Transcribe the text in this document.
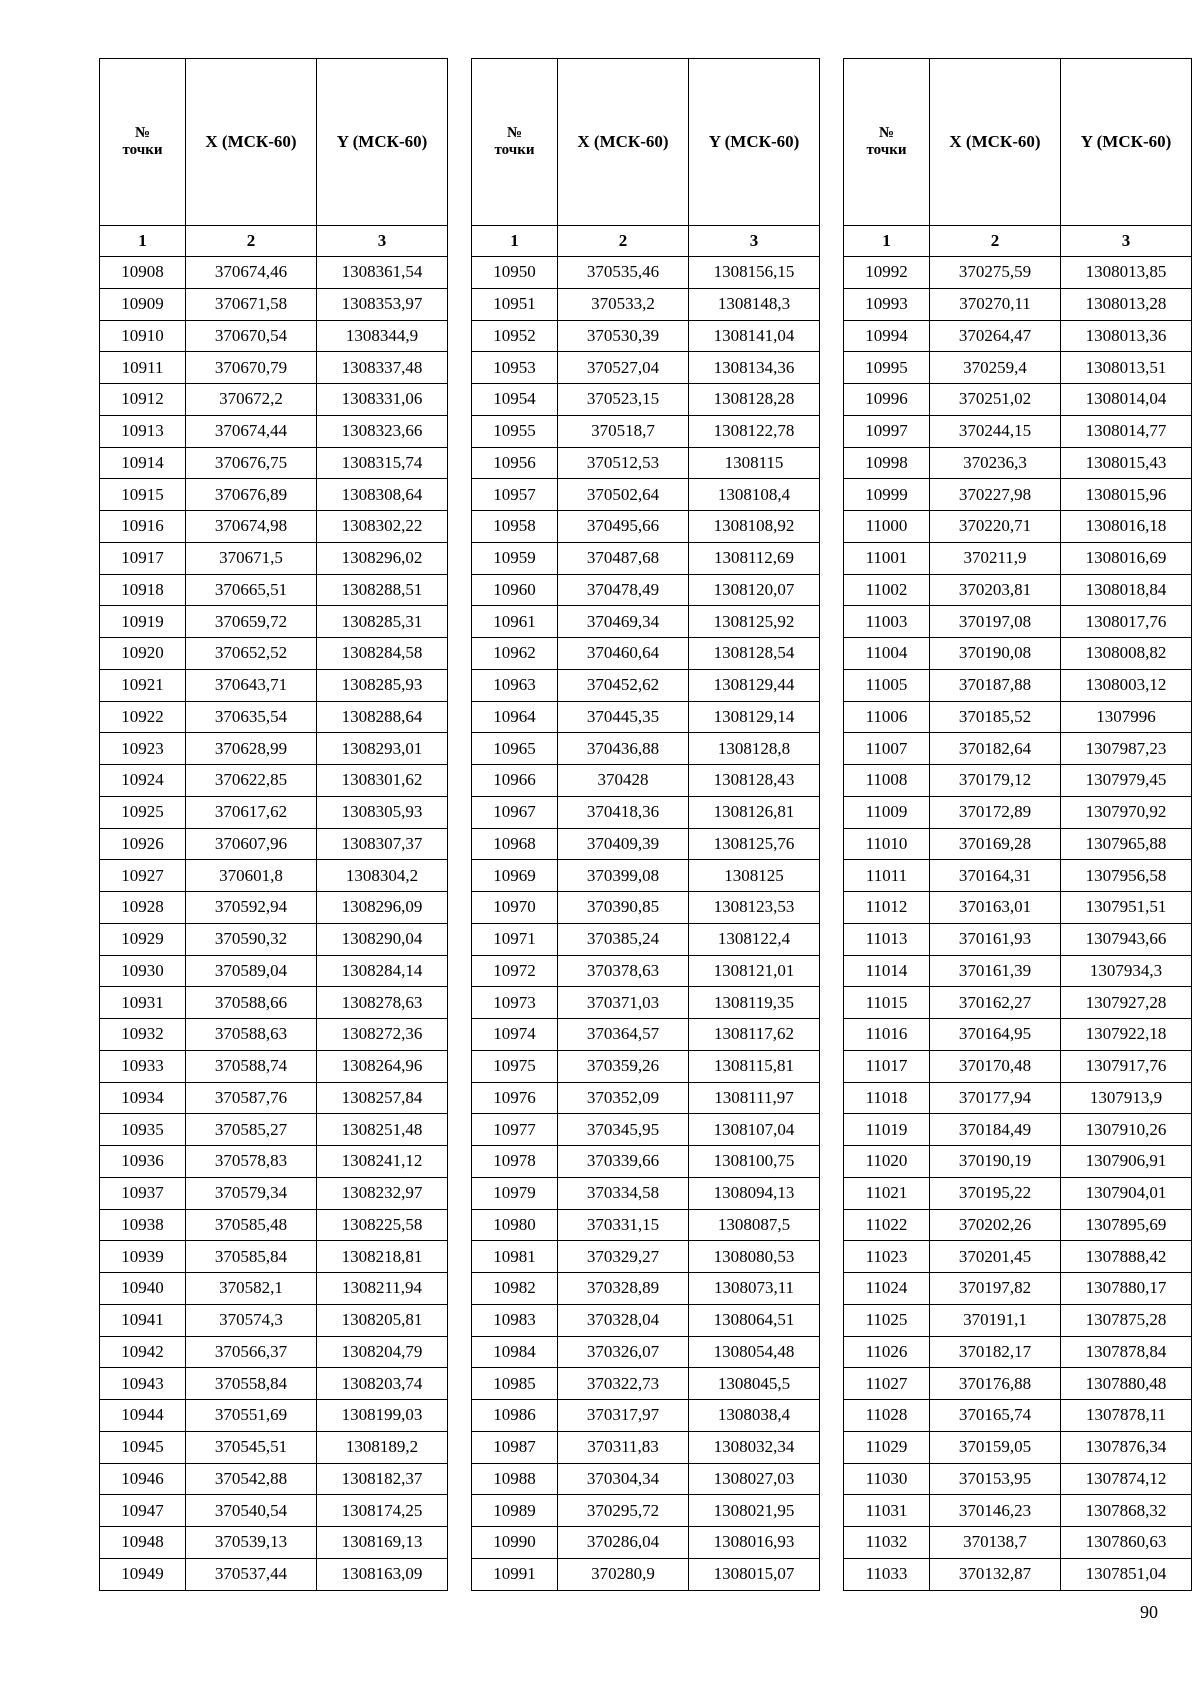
№
точки	X (МСК-60)	Y (МСК-60)
1	2	3
10908	370674,46	1308361,54
10909	370671,58	1308353,97
10910	370670,54	1308344,9
10911	370670,79	1308337,48
10912	370672,2	1308331,06
10913	370674,44	1308323,66
10914	370676,75	1308315,74
10915	370676,89	1308308,64
10916	370674,98	1308302,22
10917	370671,5	1308296,02
10918	370665,51	1308288,51
10919	370659,72	1308285,31
10920	370652,52	1308284,58
10921	370643,71	1308285,93
10922	370635,54	1308288,64
10923	370628,99	1308293,01
10924	370622,85	1308301,62
10925	370617,62	1308305,93
10926	370607,96	1308307,37
10927	370601,8	1308304,2
10928	370592,94	1308296,09
10929	370590,32	1308290,04
10930	370589,04	1308284,14
10931	370588,66	1308278,63
10932	370588,63	1308272,36
10933	370588,74	1308264,96
10934	370587,76	1308257,84
10935	370585,27	1308251,48
10936	370578,83	1308241,12
10937	370579,34	1308232,97
10938	370585,48	1308225,58
10939	370585,84	1308218,81
10940	370582,1	1308211,94
10941	370574,3	1308205,81
10942	370566,37	1308204,79
10943	370558,84	1308203,74
10944	370551,69	1308199,03
10945	370545,51	1308189,2
10946	370542,88	1308182,37
10947	370540,54	1308174,25
10948	370539,13	1308169,13
10949	370537,44	1308163,09
№
точки	X (МСК-60)	Y (МСК-60)
1	2	3
10950	370535,46	1308156,15
10951	370533,2	1308148,3
10952	370530,39	1308141,04
10953	370527,04	1308134,36
10954	370523,15	1308128,28
10955	370518,7	1308122,78
10956	370512,53	1308115
10957	370502,64	1308108,4
10958	370495,66	1308108,92
10959	370487,68	1308112,69
10960	370478,49	1308120,07
10961	370469,34	1308125,92
10962	370460,64	1308128,54
10963	370452,62	1308129,44
10964	370445,35	1308129,14
10965	370436,88	1308128,8
10966	370428	1308128,43
10967	370418,36	1308126,81
10968	370409,39	1308125,76
10969	370399,08	1308125
10970	370390,85	1308123,53
10971	370385,24	1308122,4
10972	370378,63	1308121,01
10973	370371,03	1308119,35
10974	370364,57	1308117,62
10975	370359,26	1308115,81
10976	370352,09	1308111,97
10977	370345,95	1308107,04
10978	370339,66	1308100,75
10979	370334,58	1308094,13
10980	370331,15	1308087,5
10981	370329,27	1308080,53
10982	370328,89	1308073,11
10983	370328,04	1308064,51
10984	370326,07	1308054,48
10985	370322,73	1308045,5
10986	370317,97	1308038,4
10987	370311,83	1308032,34
10988	370304,34	1308027,03
10989	370295,72	1308021,95
10990	370286,04	1308016,93
10991	370280,9	1308015,07
№
точки	X (МСК-60)	Y (МСК-60)
1	2	3
10992	370275,59	1308013,85
10993	370270,11	1308013,28
10994	370264,47	1308013,36
10995	370259,4	1308013,51
10996	370251,02	1308014,04
10997	370244,15	1308014,77
10998	370236,3	1308015,43
10999	370227,98	1308015,96
11000	370220,71	1308016,18
11001	370211,9	1308016,69
11002	370203,81	1308018,84
11003	370197,08	1308017,76
11004	370190,08	1308008,82
11005	370187,88	1308003,12
11006	370185,52	1307996
11007	370182,64	1307987,23
11008	370179,12	1307979,45
11009	370172,89	1307970,92
11010	370169,28	1307965,88
11011	370164,31	1307956,58
11012	370163,01	1307951,51
11013	370161,93	1307943,66
11014	370161,39	1307934,3
11015	370162,27	1307927,28
11016	370164,95	1307922,18
11017	370170,48	1307917,76
11018	370177,94	1307913,9
11019	370184,49	1307910,26
11020	370190,19	1307906,91
11021	370195,22	1307904,01
11022	370202,26	1307895,69
11023	370201,45	1307888,42
11024	370197,82	1307880,17
11025	370191,1	1307875,28
11026	370182,17	1307878,84
11027	370176,88	1307880,48
11028	370165,74	1307878,11
11029	370159,05	1307876,34
11030	370153,95	1307874,12
11031	370146,23	1307868,32
11032	370138,7	1307860,63
11033	370132,87	1307851,04
90
